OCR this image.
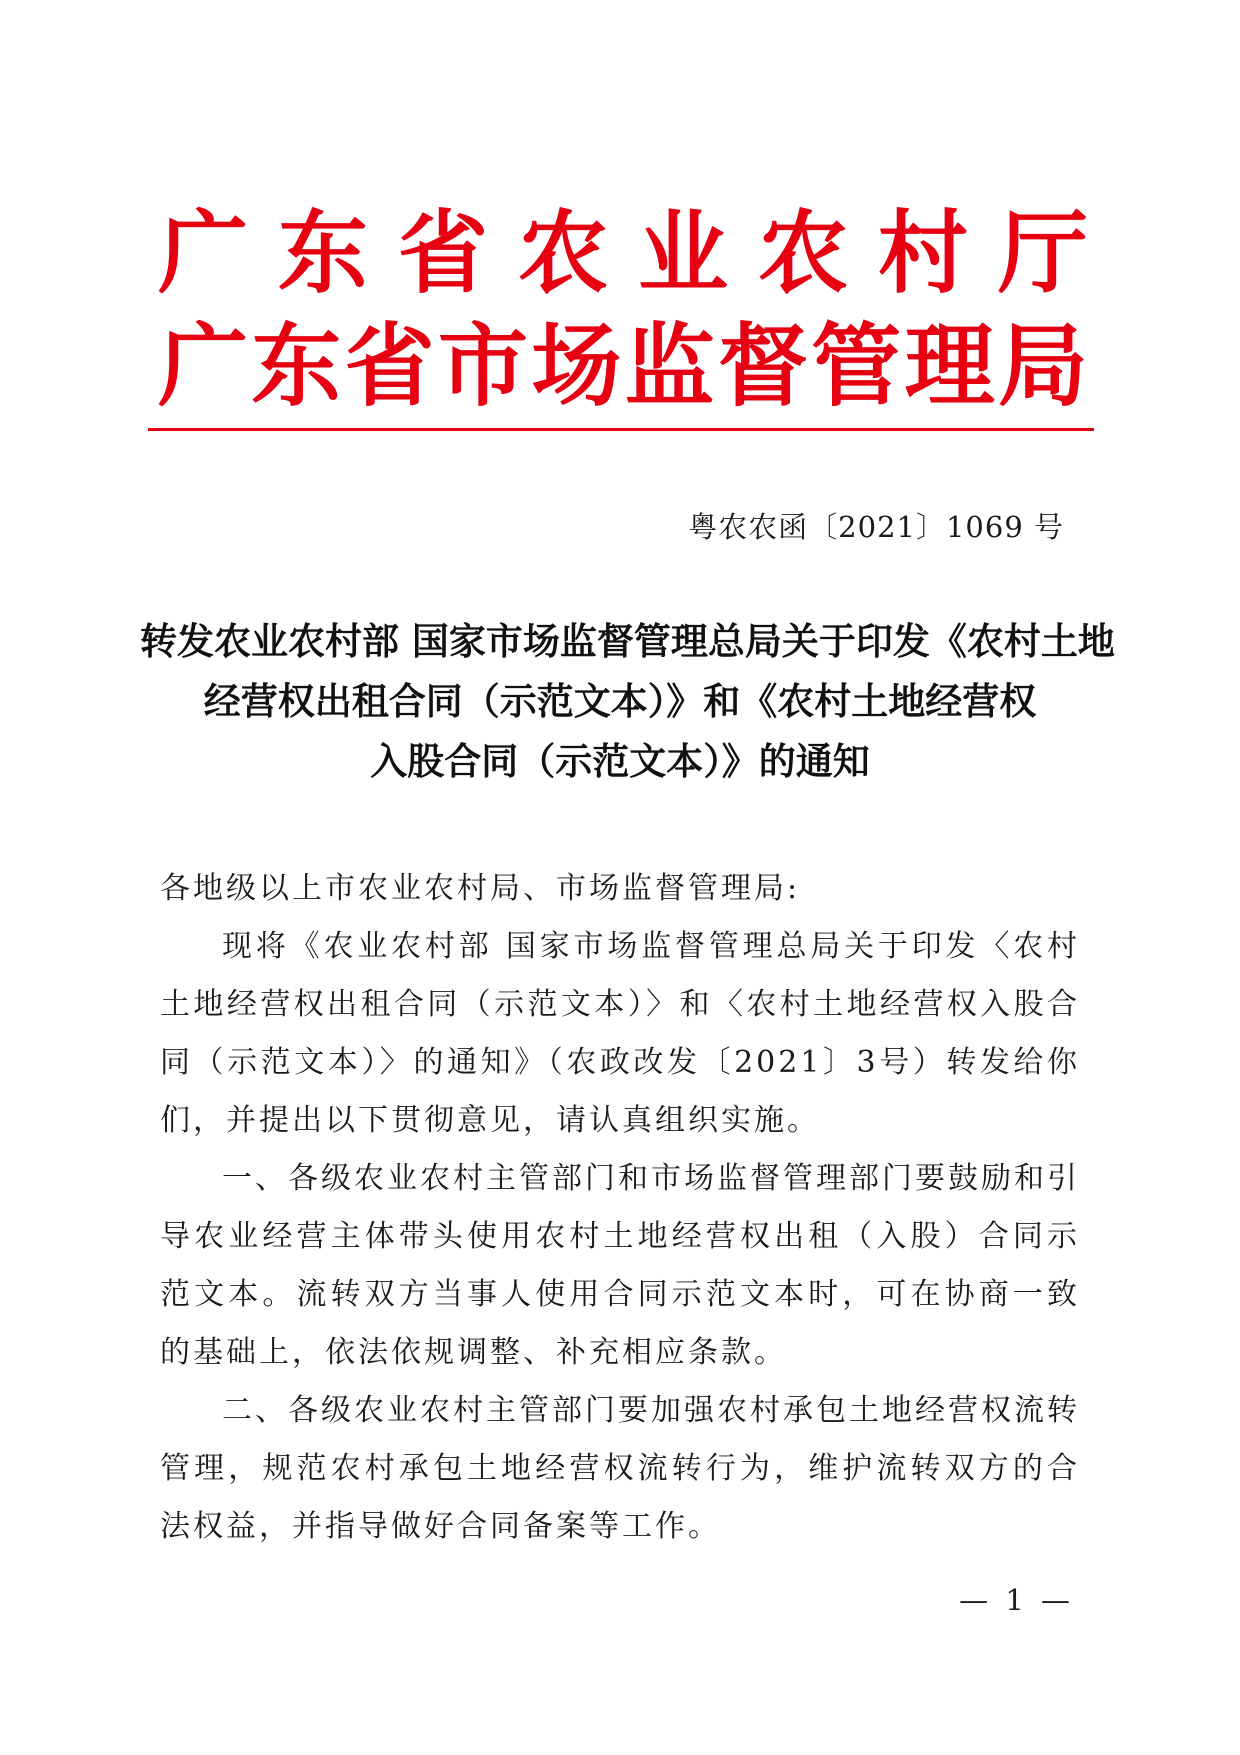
广 东 省 农 业 农 村 厅
广 东 省 市 场 监 督 管 理 局
粤农农函〔2021〕1069 号
转发农业农村部 国家市场监督管理总局关于印发《农村土地
经营权出租合同（示范文本）》和《农村土地经营权
入股合同（示范文本）》的通知

各地级以上市农业农村局、市场监督管理局:

现将《农业农村部 国家市场监督管理总局关于印发〈农村土地经营权出租合同（示范文本）〉和〈农村土地经营权入股合同（示范文本）〉的通知》（农政改发〔2021〕3号）转发给你们，并提出以下贯彻意见，请认真组织实施。

一、各级农业农村主管部门和市场监督管理部门要鼓励和引导农业经营主体带头使用农村土地经营权出租（入股）合同示范文本。流转双方当事人使用合同示范文本时，可在协商一致的基础上，依法依规调整、补充相应条款。

二、各级农业农村主管部门要加强农村承包土地经营权流转管理，规范农村承包土地经营权流转行为，维护流转双方的合法权益，并指导做好合同备案等工作。

— 1 —
